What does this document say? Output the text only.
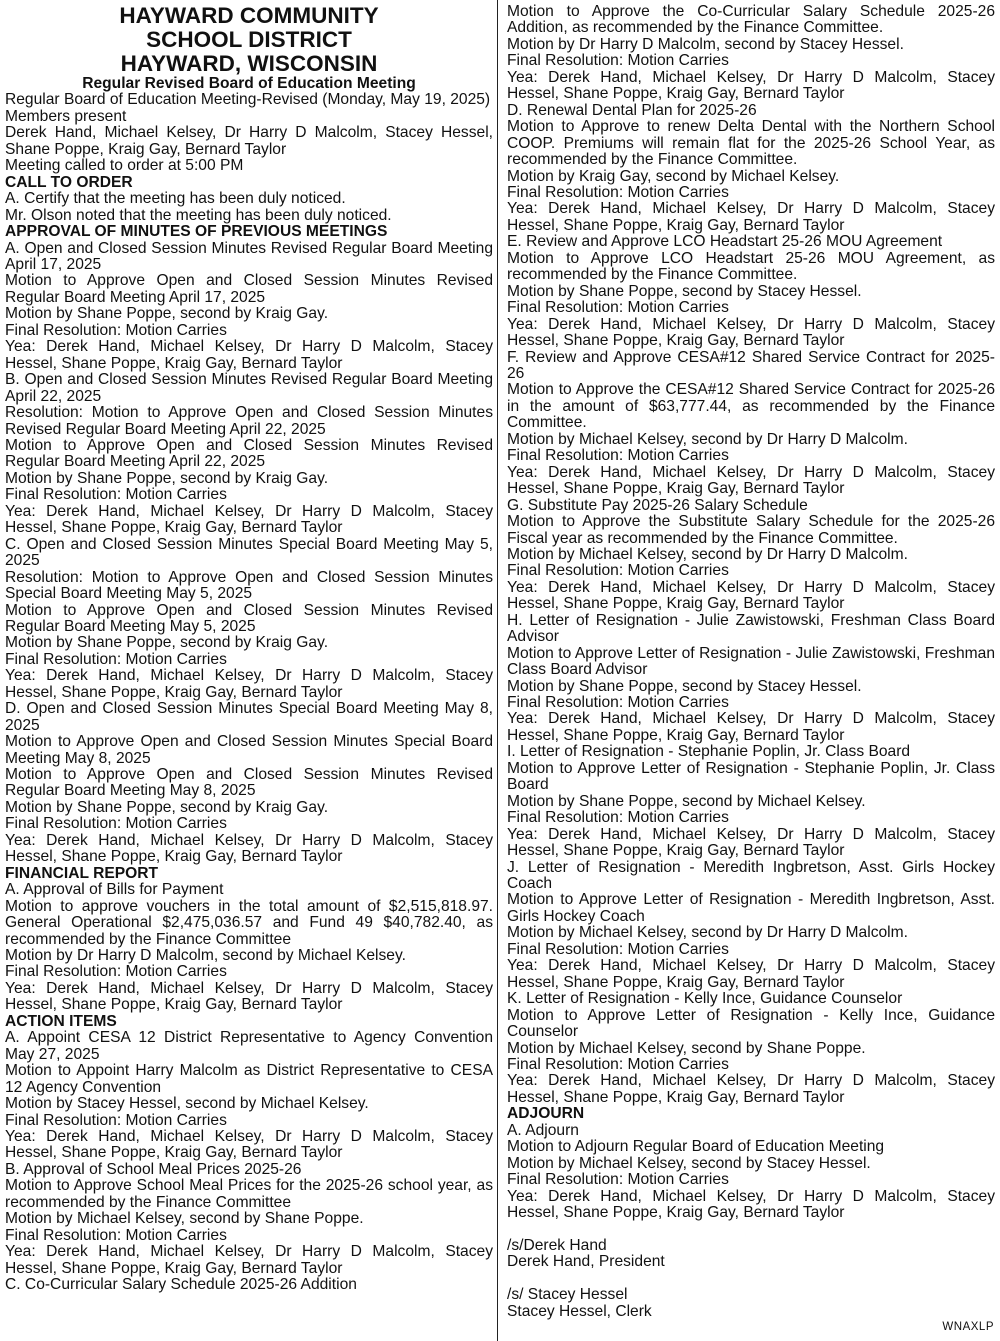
HAYWARD COMMUNITY
SCHOOL DISTRICT
HAYWARD, WISCONSIN
Regular Revised Board of Education Meeting
Regular Board of Education Meeting-Revised (Monday, May 19, 2025)
Members present
Derek Hand, Michael Kelsey, Dr Harry D Malcolm, Stacey Hessel, Shane Poppe, Kraig Gay, Bernard Taylor
Meeting called to order at 5:00 PM
CALL TO ORDER
A. Certify that the meeting has been duly noticed.
Mr. Olson noted that the meeting has been duly noticed.
APPROVAL OF MINUTES OF PREVIOUS MEETINGS
A. Open and Closed Session Minutes Revised Regular Board Meeting April 17, 2025
Motion to Approve Open and Closed Session Minutes Revised Regular Board Meeting April 17, 2025
Motion by Shane Poppe, second by Kraig Gay.
Final Resolution: Motion Carries
Yea: Derek Hand, Michael Kelsey, Dr Harry D Malcolm, Stacey Hessel, Shane Poppe, Kraig Gay, Bernard Taylor
B. Open and Closed Session Minutes Revised Regular Board Meeting April 22, 2025
Resolution: Motion to Approve Open and Closed Session Minutes Revised Regular Board Meeting April 22, 2025
Motion to Approve Open and Closed Session Minutes Revised Regular Board Meeting April 22, 2025
Motion by Shane Poppe, second by Kraig Gay.
Final Resolution: Motion Carries
Yea: Derek Hand, Michael Kelsey, Dr Harry D Malcolm, Stacey Hessel, Shane Poppe, Kraig Gay, Bernard Taylor
C. Open and Closed Session Minutes Special Board Meeting May 5, 2025
Resolution: Motion to Approve Open and Closed Session Minutes Special Board Meeting May 5, 2025
Motion to Approve Open and Closed Session Minutes Revised Regular Board Meeting May 5, 2025
Motion by Shane Poppe, second by Kraig Gay.
Final Resolution: Motion Carries
Yea: Derek Hand, Michael Kelsey, Dr Harry D Malcolm, Stacey Hessel, Shane Poppe, Kraig Gay, Bernard Taylor
D. Open and Closed Session Minutes Special Board Meeting May 8, 2025
Motion to Approve Open and Closed Session Minutes Special Board Meeting May 8, 2025
Motion to Approve Open and Closed Session Minutes Revised Regular Board Meeting May 8, 2025
Motion by Shane Poppe, second by Kraig Gay.
Final Resolution: Motion Carries
Yea: Derek Hand, Michael Kelsey, Dr Harry D Malcolm, Stacey Hessel, Shane Poppe, Kraig Gay, Bernard Taylor
FINANCIAL REPORT
A. Approval of Bills for Payment
Motion to approve vouchers in the total amount of $2,515,818.97. General Operational $2,475,036.57 and Fund 49 $40,782.40, as recommended by the Finance Committee
Motion by Dr Harry D Malcolm, second by Michael Kelsey.
Final Resolution: Motion Carries
Yea: Derek Hand, Michael Kelsey, Dr Harry D Malcolm, Stacey Hessel, Shane Poppe, Kraig Gay, Bernard Taylor
ACTION ITEMS
A. Appoint CESA 12 District Representative to Agency Convention May 27, 2025
Motion to Appoint Harry Malcolm as District Representative to CESA 12 Agency Convention
Motion by Stacey Hessel, second by Michael Kelsey.
Final Resolution: Motion Carries
Yea: Derek Hand, Michael Kelsey, Dr Harry D Malcolm, Stacey Hessel, Shane Poppe, Kraig Gay, Bernard Taylor
B. Approval of School Meal Prices 2025-26
Motion to Approve School Meal Prices for the 2025-26 school year, as recommended by the Finance Committee
Motion by Michael Kelsey, second by Shane Poppe.
Final Resolution: Motion Carries
Yea: Derek Hand, Michael Kelsey, Dr Harry D Malcolm, Stacey Hessel, Shane Poppe, Kraig Gay, Bernard Taylor
C. Co-Curricular Salary Schedule 2025-26 Addition
Motion to Approve the Co-Curricular Salary Schedule 2025-26 Addition, as recommended by the Finance Committee.
Motion by Dr Harry D Malcolm, second by Stacey Hessel.
Final Resolution: Motion Carries
Yea: Derek Hand, Michael Kelsey, Dr Harry D Malcolm, Stacey Hessel, Shane Poppe, Kraig Gay, Bernard Taylor
D. Renewal Dental Plan for 2025-26
Motion to Approve to renew Delta Dental with the Northern School COOP. Premiums will remain flat for the 2025-26 School Year, as recommended by the Finance Committee.
Motion by Kraig Gay, second by Michael Kelsey.
Final Resolution: Motion Carries
Yea: Derek Hand, Michael Kelsey, Dr Harry D Malcolm, Stacey Hessel, Shane Poppe, Kraig Gay, Bernard Taylor
E. Review and Approve LCO Headstart 25-26 MOU Agreement
Motion to Approve LCO Headstart 25-26 MOU Agreement, as recommended by the Finance Committee.
Motion by Shane Poppe, second by Stacey Hessel.
Final Resolution: Motion Carries
Yea: Derek Hand, Michael Kelsey, Dr Harry D Malcolm, Stacey Hessel, Shane Poppe, Kraig Gay, Bernard Taylor
F. Review and Approve CESA#12 Shared Service Contract for 2025-26
Motion to Approve the CESA#12 Shared Service Contract for 2025-26 in the amount of $63,777.44, as recommended by the Finance Committee.
Motion by Michael Kelsey, second by Dr Harry D Malcolm.
Final Resolution: Motion Carries
Yea: Derek Hand, Michael Kelsey, Dr Harry D Malcolm, Stacey Hessel, Shane Poppe, Kraig Gay, Bernard Taylor
G. Substitute Pay 2025-26 Salary Schedule
Motion to Approve the Substitute Salary Schedule for the 2025-26 Fiscal year as recommended by the Finance Committee.
Motion by Michael Kelsey, second by Dr Harry D Malcolm.
Final Resolution: Motion Carries
Yea: Derek Hand, Michael Kelsey, Dr Harry D Malcolm, Stacey Hessel, Shane Poppe, Kraig Gay, Bernard Taylor
H. Letter of Resignation - Julie Zawistowski, Freshman Class Board Advisor
Motion to Approve Letter of Resignation - Julie Zawistowski, Freshman Class Board Advisor
Motion by Shane Poppe, second by Stacey Hessel.
Final Resolution: Motion Carries
Yea: Derek Hand, Michael Kelsey, Dr Harry D Malcolm, Stacey Hessel, Shane Poppe, Kraig Gay, Bernard Taylor
I. Letter of Resignation - Stephanie Poplin, Jr. Class Board
Motion to Approve Letter of Resignation - Stephanie Poplin, Jr. Class Board
Motion by Shane Poppe, second by Michael Kelsey.
Final Resolution: Motion Carries
Yea: Derek Hand, Michael Kelsey, Dr Harry D Malcolm, Stacey Hessel, Shane Poppe, Kraig Gay, Bernard Taylor
J. Letter of Resignation - Meredith Ingbretson, Asst. Girls Hockey Coach
Motion to Approve Letter of Resignation - Meredith Ingbretson, Asst. Girls Hockey Coach
Motion by Michael Kelsey, second by Dr Harry D Malcolm.
Final Resolution: Motion Carries
Yea: Derek Hand, Michael Kelsey, Dr Harry D Malcolm, Stacey Hessel, Shane Poppe, Kraig Gay, Bernard Taylor
K. Letter of Resignation - Kelly Ince, Guidance Counselor
Motion to Approve Letter of Resignation - Kelly Ince, Guidance Counselor
Motion by Michael Kelsey, second by Shane Poppe.
Final Resolution: Motion Carries
Yea: Derek Hand, Michael Kelsey, Dr Harry D Malcolm, Stacey Hessel, Shane Poppe, Kraig Gay, Bernard Taylor
ADJOURN
A. Adjourn
Motion to Adjourn Regular Board of Education Meeting
Motion by Michael Kelsey, second by Stacey Hessel.
Final Resolution: Motion Carries
Yea: Derek Hand, Michael Kelsey, Dr Harry D Malcolm, Stacey Hessel, Shane Poppe, Kraig Gay, Bernard Taylor
/s/Derek Hand
Derek Hand, President
/s/ Stacey Hessel
Stacey Hessel, Clerk
WNAXLP
